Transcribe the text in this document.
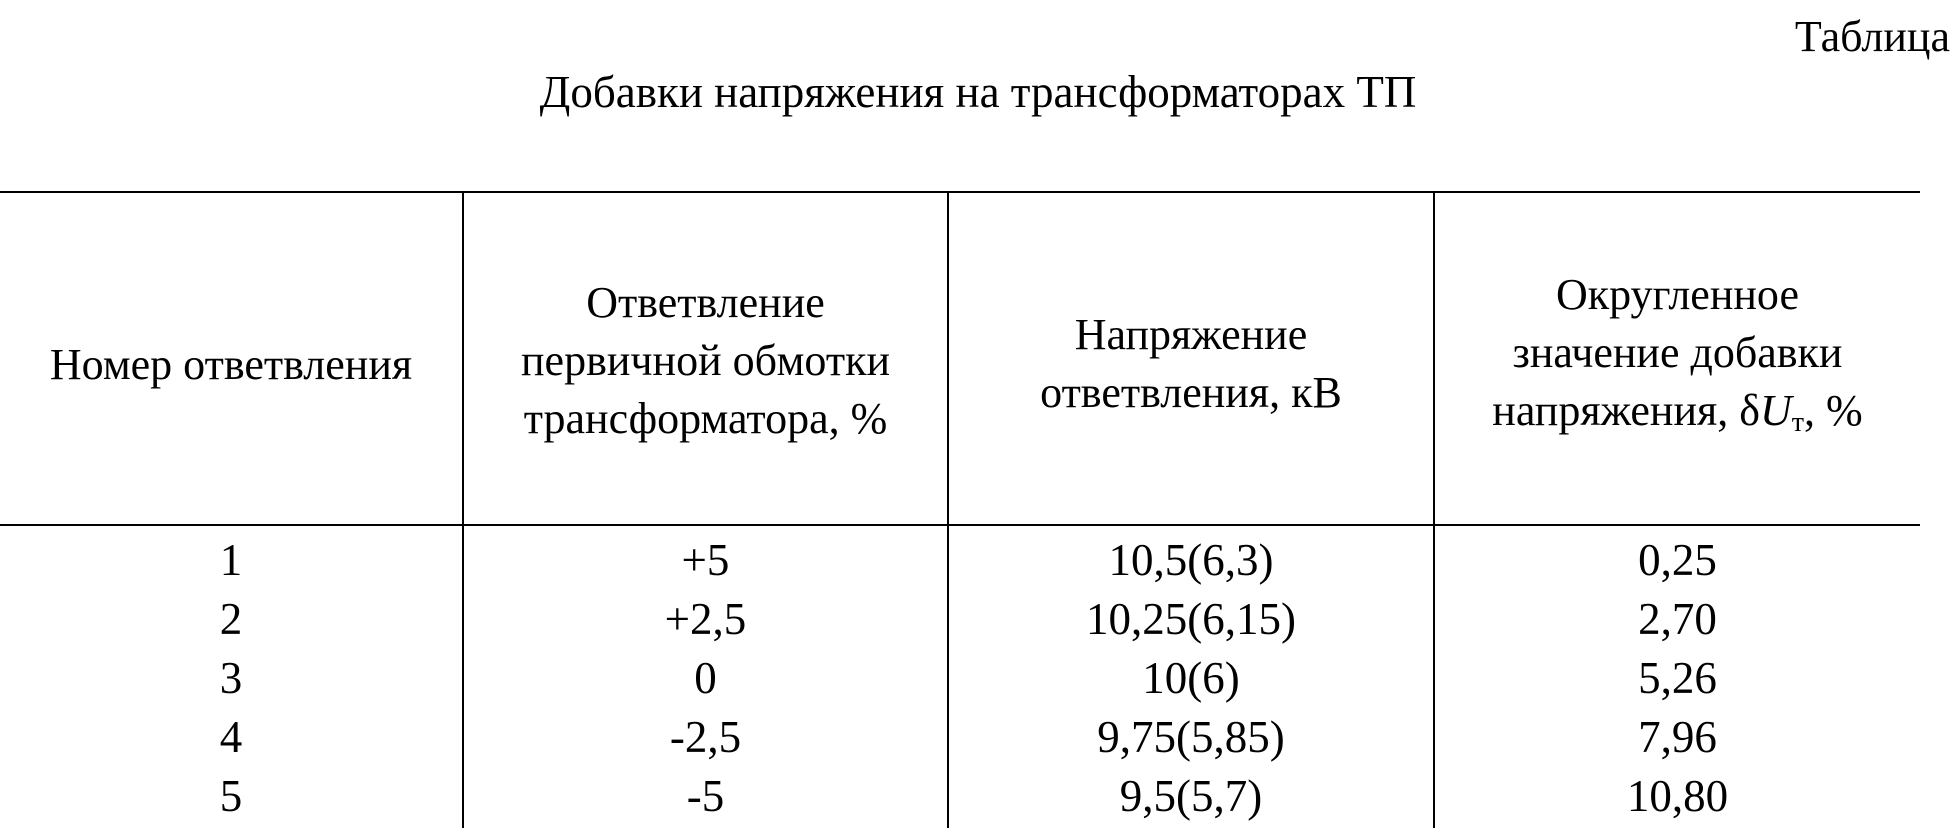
Таблица
Добавки напряжения на трансформаторах ТП
Номер ответвления
Ответвление первичной обмотки трансформатора, %
Напряжение ответвления, кВ
Округленное
значение добавки
напряжения, $\delta U_т$, %
1
2
3
4
5
+5
+2,5
0
-2,5
-5
10,5(6,3)
10,25(6,15)
10(6)
9,75(5,85)
9,5(5,7)
0,25
2,70
5,26
7,96
10,80
